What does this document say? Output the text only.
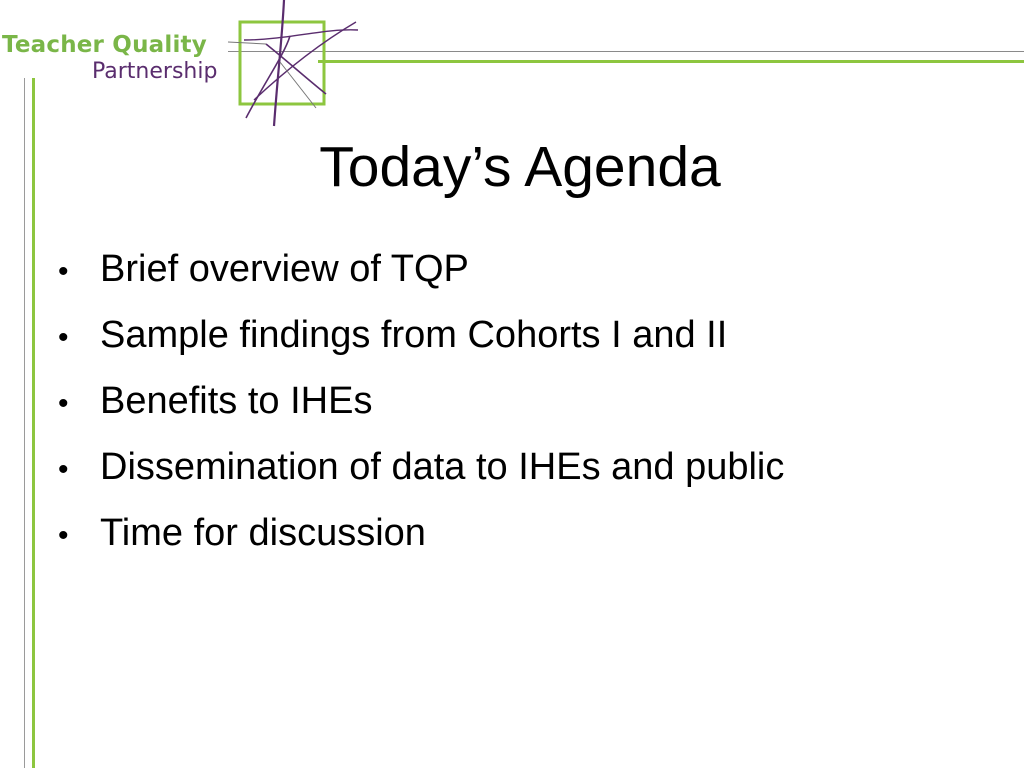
Teacher Quality
Partnership
Today’s Agenda
• Brief overview of TQP
• Sample findings from Cohorts I and II
• Benefits to IHEs
• Dissemination of data to IHEs and public
• Time for discussion
